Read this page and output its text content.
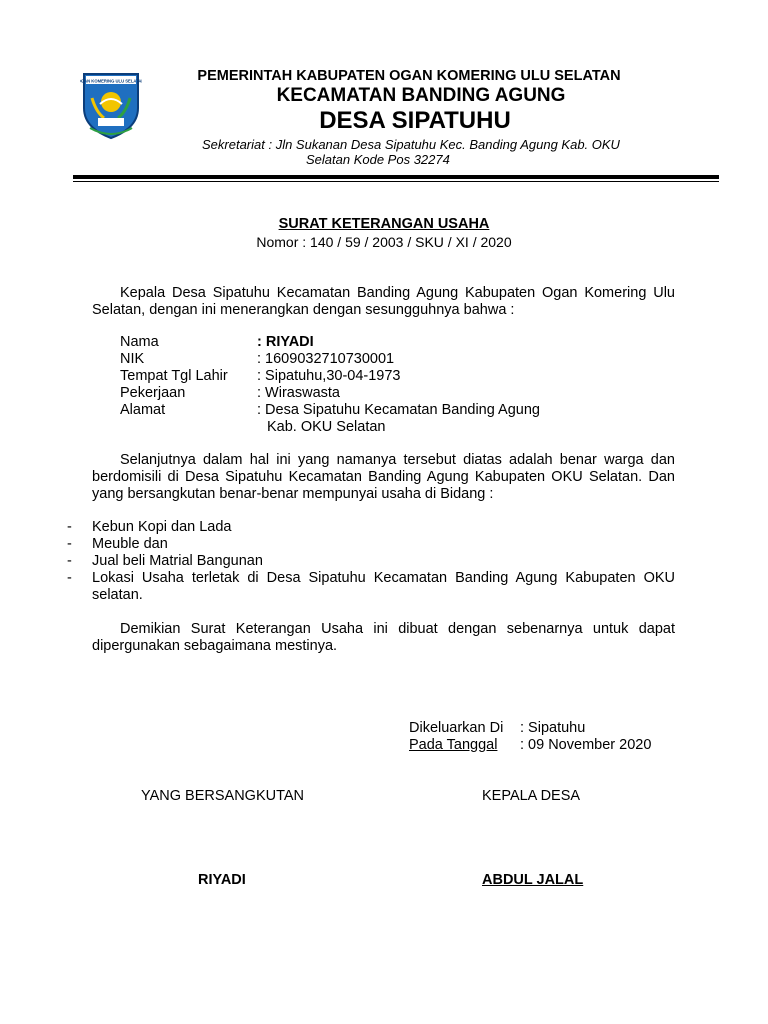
OGAN KOMERING ULU SELATAN	PEMERINTAH KABUPATEN OGAN KOMERING ULU SELATAN
KECAMATAN BANDING AGUNG
DESA SIPATUHU
Sekretariat : Jln Sukanan Desa Sipatuhu Kec. Banding Agung Kab. OKU
Selatan Kode Pos 32274
SURAT KETERANGAN USAHA
Nomor : 140 / 59 / 2003 / SKU / XI / 2020
Kepala Desa Sipatuhu Kecamatan Banding Agung Kabupaten Ogan Komering Ulu Selatan, dengan ini menerangkan dengan sesungguhnya bahwa :
Nama	: RIYADI
NIK	: 1609032710730001
Tempat Tgl Lahir : Sipatuhu,30-04-1973
Pekerjaan	: Wiraswasta
Alamat	: Desa Sipatuhu Kecamatan Banding Agung
Kab. OKU Selatan
Selanjutnya dalam hal ini yang namanya tersebut diatas adalah benar warga dan berdomisili di Desa Sipatuhu Kecamatan Banding Agung Kabupaten OKU Selatan. Dan yang bersangkutan benar-benar mempunyai usaha di Bidang :
- Kebun Kopi dan Lada
- Meuble dan
- Jual beli Matrial Bangunan
- Lokasi Usaha terletak di Desa Sipatuhu Kecamatan Banding Agung Kabupaten OKU selatan.
Demikian Surat Keterangan Usaha ini dibuat dengan sebenarnya untuk dapat dipergunakan sebagaimana mestinya.
Dikeluarkan Di : Sipatuhu
Pada Tanggal : 09 November 2020
YANG BERSANGKUTAN	KEPALA DESA
RIYADI	ABDUL JALAL
